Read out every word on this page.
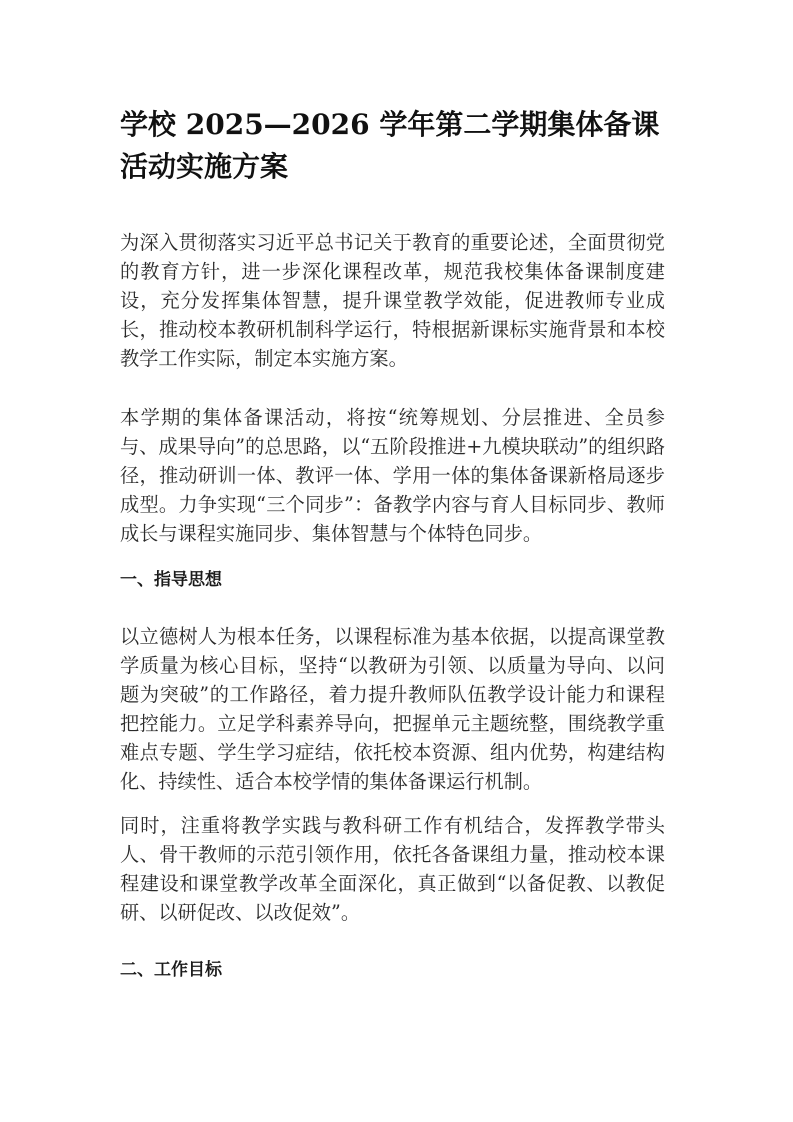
学校 2025—2026 学年第二学期集体备课活动实施方案

为深入贯彻落实习近平总书记关于教育的重要论述，全面贯彻党的教育方针，进一步深化课程改革，规范我校集体备课制度建设，充分发挥集体智慧，提升课堂教学效能，促进教师专业成长，推动校本教研机制科学运行，特根据新课标实施背景和本校教学工作实际，制定本实施方案。

本学期的集体备课活动，将按“统筹规划、分层推进、全员参与、成果导向”的总思路，以“五阶段推进+九模块联动”的组织路径，推动研训一体、教评一体、学用一体的集体备课新格局逐步成型。力争实现“三个同步”：备教学内容与育人目标同步、教师成长与课程实施同步、集体智慧与个体特色同步。

一、指导思想

以立德树人为根本任务，以课程标准为基本依据，以提高课堂教学质量为核心目标，坚持“以教研为引领、以质量为导向、以问题为突破”的工作路径，着力提升教师队伍教学设计能力和课程把控能力。立足学科素养导向，把握单元主题统整，围绕教学重难点专题、学生学习症结，依托校本资源、组内优势，构建结构化、持续性、适合本校学情的集体备课运行机制。

同时，注重将教学实践与教科研工作有机结合，发挥教学带头人、骨干教师的示范引领作用，依托各备课组力量，推动校本课程建设和课堂教学改革全面深化，真正做到“以备促教、以教促研、以研促改、以改促效”。

二、工作目标
